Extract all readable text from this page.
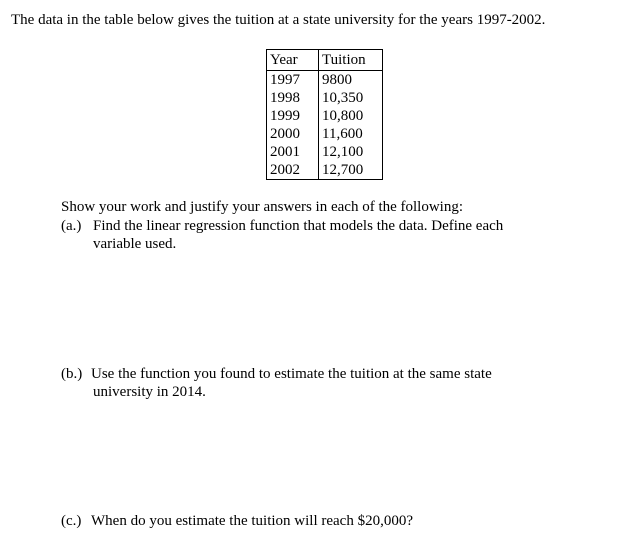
The data in the table below gives the tuition at a state university for the years 1997-2002.

Year	Tuition
1997	9800
1998	10,350
1999	10,800
2000	11,600
2001	12,100
2002	12,700

Show your work and justify your answers in each of the following:

(a.) Find the linear regression function that models the data. Define each
variable used.
(b.) Use the function you found to estimate the tuition at the same state
university in 2014.
(c.) When do you estimate the tuition will reach $20,000?
